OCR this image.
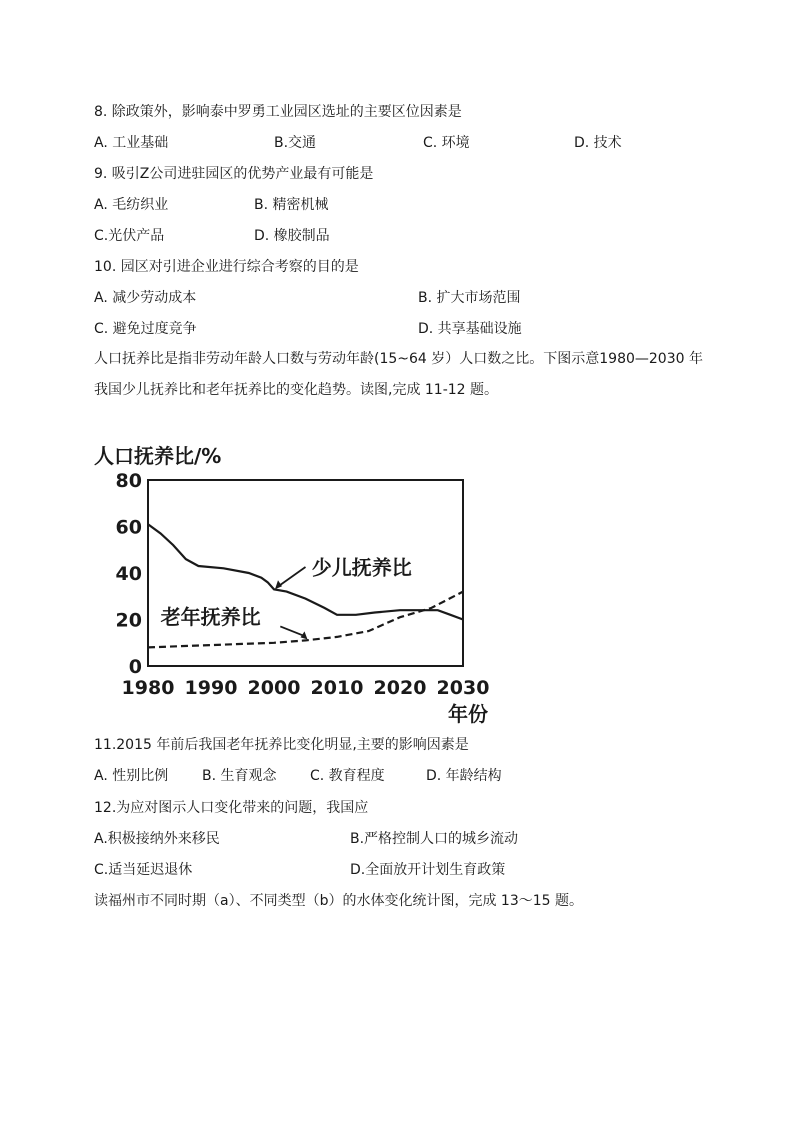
8. 除政策外，影响泰中罗勇工业园区选址的主要区位因素是
A. 工业基础	B.交通	C. 环境	D. 技术
9. 吸引Z公司进驻园区的优势产业最有可能是
A. 毛纺织业	B. 精密机械
C.光伏产品	D. 橡胶制品
10. 园区对引进企业进行综合考察的目的是
A. 减少劳动成本	B. 扩大市场范围
C. 避免过度竞争	D. 共享基础设施
人口抚养比是指非劳动年龄人口数与劳动年龄(15~64 岁）人口数之比。下图示意1980—2030 年我国少儿抚养比和老年抚养比的变化趋势。读图,完成 11-12 题。
人口抚养比/%
0
20
40
60
80
1980 1990 2000 2010 2020 2030
少儿抚养比
老年抚养比
年份
11.2015 年前后我国老年抚养比变化明显,主要的影响因素是
A. 性别比例 B. 生育观念 C. 教育程度	D. 年龄结构
12.为应对图示人口变化带来的问题，我国应
A.积极接纳外来移民	B.严格控制人口的城乡流动
C.适当延迟退休	D.全面放开计划生育政策
读福州市不同时期（a）、不同类型（b）的水体变化统计图，完成 13～15 题。
